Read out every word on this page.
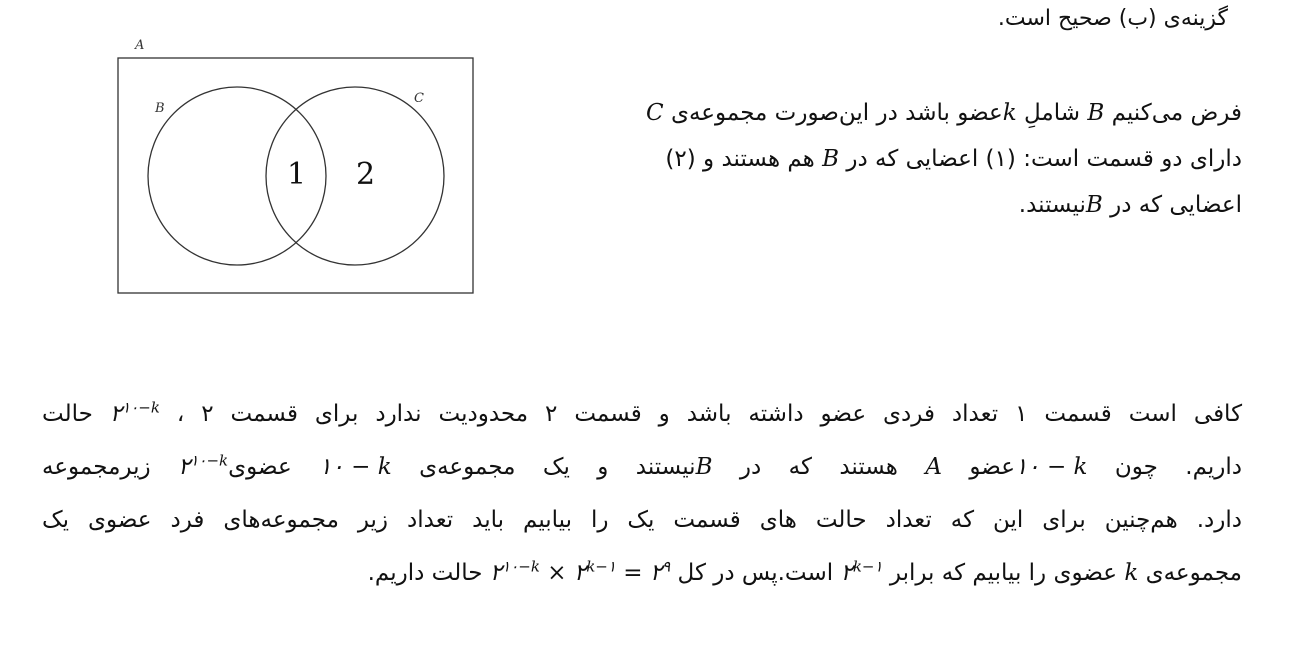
گزینه‌ی (ب) صحیح است.
A
B
C
1 2
فرض می‌کنیم B شاملِ kعضو باشد در این‌صورت مجموعه‌ی C
دارای دو قسمت است: (۱) اعضایی که در B هم هستند و (۲)
اعضایی که در Bنیستند.
کافی است قسمت ۱ تعداد فردی عضو داشته باشد و قسمت ۲ محدودیت ندارد برای قسمت ۲ ، $۲^{۱۰-k}$ حالت
داریم. چون ۱۰ − kعضو A هستند که در Bنیستند و یک مجموعه‌ی ۱۰ − k $عضوی۲^{۱۰-k}$ زیرمجموعه
دارد. هم‌چنین برای این که تعداد حالت های قسمت یک را بیابیم باید تعداد زیر مجموعه‌های فرد عضوی یک
مجموعه‌ی k عضوی را بیابیم که برابر $۲^{k-۱}$ است.پس در کل $۲^{۱۰-k}$ × $۲^{k-۱}$ = $۲^۹$ حالت داریم.
